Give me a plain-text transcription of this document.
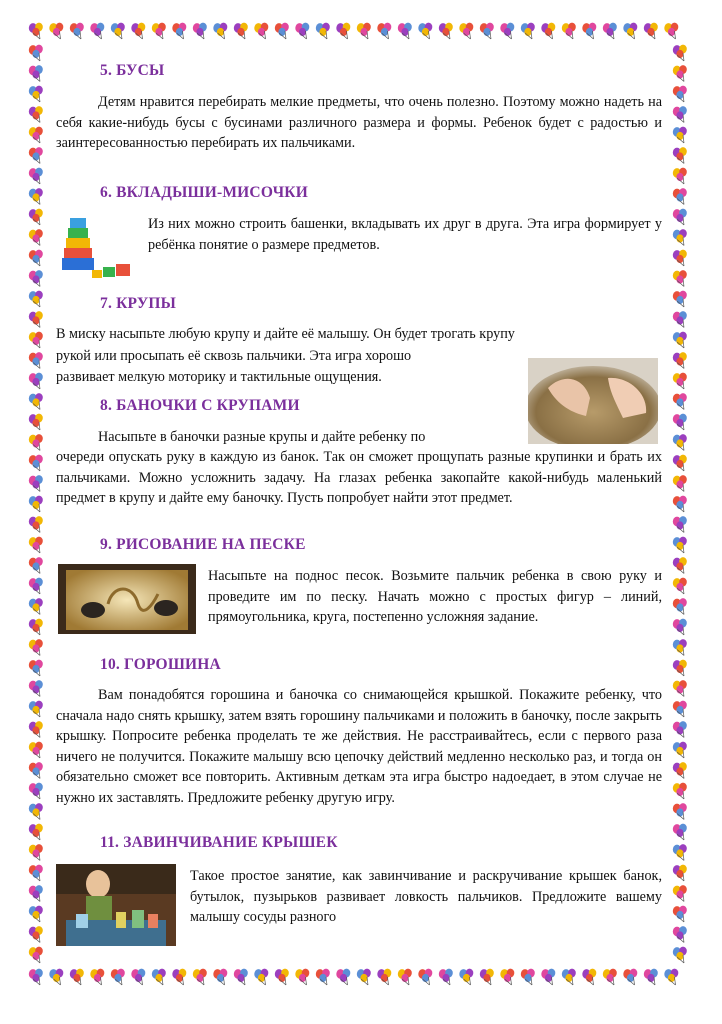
5. БУСЫ

Детям нравится перебирать мелкие предметы, что очень полезно. Поэтому можно надеть на себя какие-нибудь бусы с бусинами различного размера и формы. Ребенок будет с радостью и заинтересованностью перебирать их пальчиками.

6. ВКЛАДЫШИ-МИСОЧКИ

Из них можно строить башенки, вкладывать их друг в друга. Эта игра формирует у ребёнка понятие о размере предметов.

7. КРУПЫ
В миску насыпьте любую крупу и дайте её малышу. Он будет трогать крупу
рукой или просыпать её сквозь пальчики. Эта игра хорошо
развивает мелкую моторику и тактильные ощущения.
8. БАНОЧКИ С КРУПАМИ
Насыпьте в баночки разные крупы и дайте ребенку по

очереди опускать руку в каждую из банок. Так он сможет прощупать разные крупинки и брать их пальчиками. Можно усложнить задачу. На глазах ребенка закопайте какой-нибудь маленький предмет в крупу и дайте ему баночку. Пусть попробует найти этот предмет.

9. РИСОВАНИЕ НА ПЕСКЕ

Насыпьте на поднос песок. Возьмите пальчик ребенка в свою руку и проведите им по песку. Начать можно с простых фигур – линий, прямоугольника, круга, постепенно усложняя задание.

10. ГОРОШИНА

Вам понадобятся горошина и баночка со снимающейся крышкой. Покажите ребенку, что сначала надо снять крышку, затем взять горошину пальчиками и положить в баночку, после закрыть крышку. Попросите ребенка проделать те же действия. Не расстраивайтесь, если с первого раза ничего не получится. Покажите малышу всю цепочку действий медленно несколько раз, и тогда он обязательно сможет все повторить. Активным деткам эта игра быстро надоедает, в этом случае не нужно их заставлять. Предложите ребенку другую игру.

11. ЗАВИНЧИВАНИЕ КРЫШЕК

Такое простое занятие, как завинчивание и раскручивание крышек банок, бутылок, пузырьков развивает ловкость пальчиков. Предложите вашему малышу сосуды разного
